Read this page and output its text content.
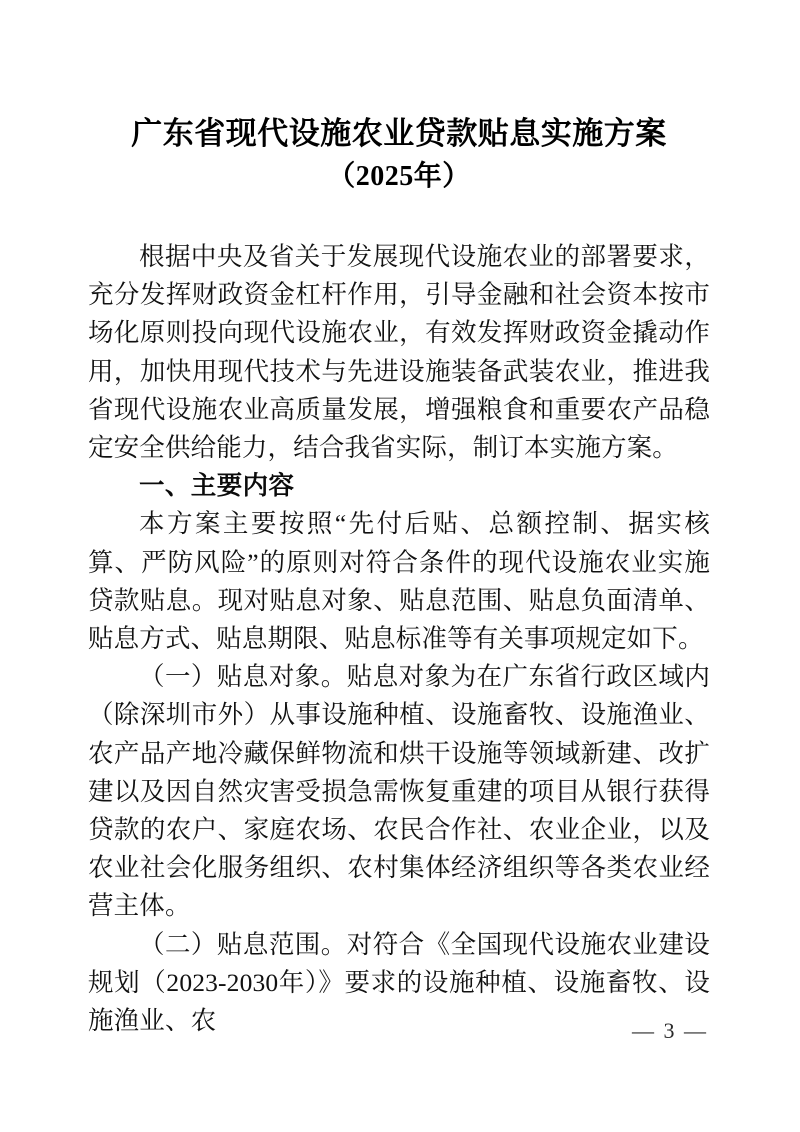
广东省现代设施农业贷款贴息实施方案
（2025年）

根据中央及省关于发展现代设施农业的部署要求，充分发挥财政资金杠杆作用，引导金融和社会资本按市场化原则投向现代设施农业，有效发挥财政资金撬动作用，加快用现代技术与先进设施装备武装农业，推进我省现代设施农业高质量发展，增强粮食和重要农产品稳定安全供给能力，结合我省实际，制订本实施方案。

一、主要内容

本方案主要按照“先付后贴、总额控制、据实核算、严防风险”的原则对符合条件的现代设施农业实施贷款贴息。现对贴息对象、贴息范围、贴息负面清单、贴息方式、贴息期限、贴息标准等有关事项规定如下。

（一）贴息对象。贴息对象为在广东省行政区域内（除深圳市外）从事设施种植、设施畜牧、设施渔业、农产品产地冷藏保鲜物流和烘干设施等领域新建、改扩建以及因自然灾害受损急需恢复重建的项目从银行获得贷款的农户、家庭农场、农民合作社、农业企业，以及农业社会化服务组织、农村集体经济组织等各类农业经营主体。

（二）贴息范围。对符合《全国现代设施农业建设规划（2023-2030年）》要求的设施种植、设施畜牧、设施渔业、农	— 3 —
